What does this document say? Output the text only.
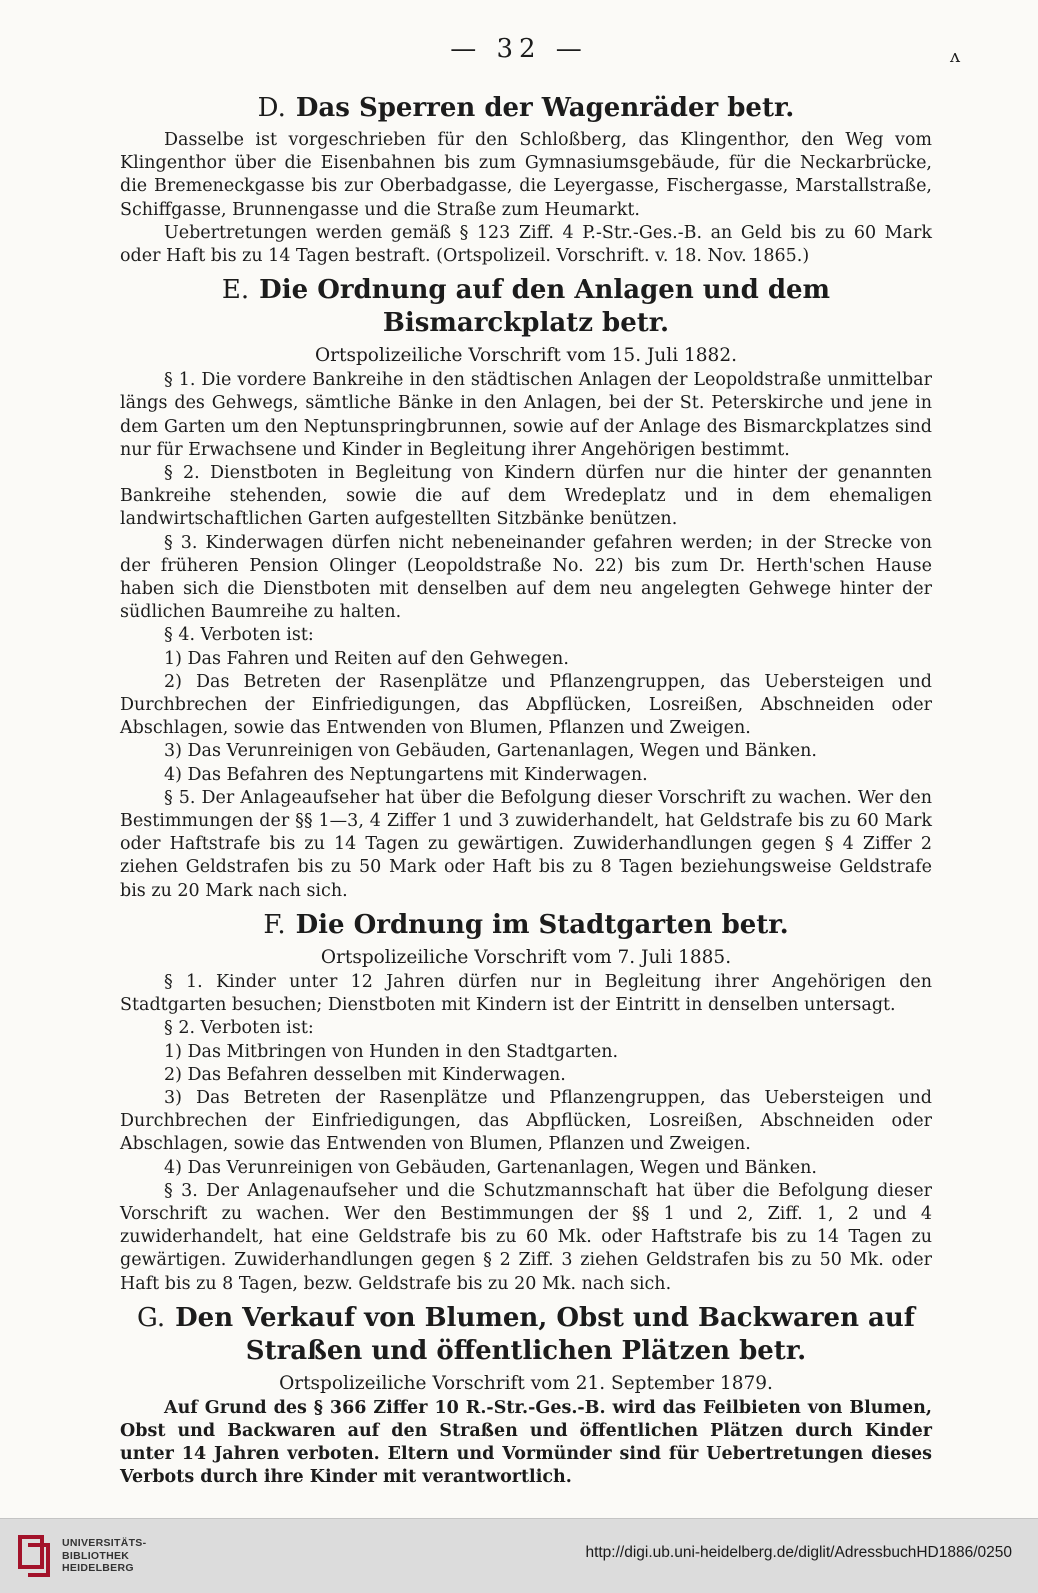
— 32 —	ʌ
D. Das Sperren der Wagenräder betr.

Dasselbe ist vorgeschrieben für den Schloßberg, das Klingenthor, den Weg vom Klingenthor über die Eisenbahnen bis zum Gymnasiumsgebäude, für die Neckarbrücke, die Bremeneckgasse bis zur Oberbadgasse, die Leyergasse, Fischergasse, Marstallstraße, Schiffgasse, Brunnengasse und die Straße zum Heumarkt.

Uebertretungen werden gemäß § 123 Ziff. 4 P.-Str.-Ges.-B. an Geld bis zu 60 Mark oder Haft bis zu 14 Tagen bestraft. (Ortspolizeil. Vorschrift. v. 18. Nov. 1865.)

E. Die Ordnung auf den Anlagen und dem Bismarckplatz betr.
Ortspolizeiliche Vorschrift vom 15. Juli 1882.

§ 1. Die vordere Bankreihe in den städtischen Anlagen der Leopoldstraße unmittelbar längs des Gehwegs, sämtliche Bänke in den Anlagen, bei der St. Peterskirche und jene in dem Garten um den Neptunspringbrunnen, sowie auf der Anlage des Bismarckplatzes sind nur für Erwachsene und Kinder in Begleitung ihrer Angehörigen bestimmt.

§ 2. Dienstboten in Begleitung von Kindern dürfen nur die hinter der genannten Bankreihe stehenden, sowie die auf dem Wredeplatz und in dem ehemaligen landwirtschaftlichen Garten aufgestellten Sitzbänke benützen.

§ 3. Kinderwagen dürfen nicht nebeneinander gefahren werden; in der Strecke von der früheren Pension Olinger (Leopoldstraße No. 22) bis zum Dr. Herth'schen Hause haben sich die Dienstboten mit denselben auf dem neu angelegten Gehwege hinter der südlichen Baumreihe zu halten.

§ 4. Verboten ist:

1) Das Fahren und Reiten auf den Gehwegen.

2) Das Betreten der Rasenplätze und Pflanzengruppen, das Uebersteigen und Durchbrechen der Einfriedigungen, das Abpflücken, Losreißen, Abschneiden oder Abschlagen, sowie das Entwenden von Blumen, Pflanzen und Zweigen.

3) Das Verunreinigen von Gebäuden, Gartenanlagen, Wegen und Bänken.

4) Das Befahren des Neptungartens mit Kinderwagen.

§ 5. Der Anlageaufseher hat über die Befolgung dieser Vorschrift zu wachen. Wer den Bestimmungen der §§ 1—3, 4 Ziffer 1 und 3 zuwiderhandelt, hat Geldstrafe bis zu 60 Mark oder Haftstrafe bis zu 14 Tagen zu gewärtigen. Zuwiderhandlungen gegen § 4 Ziffer 2 ziehen Geldstrafen bis zu 50 Mark oder Haft bis zu 8 Tagen beziehungsweise Geldstrafe bis zu 20 Mark nach sich.

F. Die Ordnung im Stadtgarten betr.
Ortspolizeiliche Vorschrift vom 7. Juli 1885.

§ 1. Kinder unter 12 Jahren dürfen nur in Begleitung ihrer Angehörigen den Stadtgarten besuchen; Dienstboten mit Kindern ist der Eintritt in denselben untersagt.

§ 2. Verboten ist:

1) Das Mitbringen von Hunden in den Stadtgarten.

2) Das Befahren desselben mit Kinderwagen.

3) Das Betreten der Rasenplätze und Pflanzengruppen, das Uebersteigen und Durchbrechen der Einfriedigungen, das Abpflücken, Losreißen, Abschneiden oder Abschlagen, sowie das Entwenden von Blumen, Pflanzen und Zweigen.

4) Das Verunreinigen von Gebäuden, Gartenanlagen, Wegen und Bänken.

§ 3. Der Anlagenaufseher und die Schutzmannschaft hat über die Befolgung dieser Vorschrift zu wachen. Wer den Bestimmungen der §§ 1 und 2, Ziff. 1, 2 und 4 zuwiderhandelt, hat eine Geldstrafe bis zu 60 Mk. oder Haftstrafe bis zu 14 Tagen zu gewärtigen. Zuwiderhandlungen gegen § 2 Ziff. 3 ziehen Geldstrafen bis zu 50 Mk. oder Haft bis zu 8 Tagen, bezw. Geldstrafe bis zu 20 Mk. nach sich.

G. Den Verkauf von Blumen, Obst und Backwaren auf Straßen und öffentlichen Plätzen betr.
Ortspolizeiliche Vorschrift vom 21. September 1879.

Auf Grund des § 366 Ziffer 10 R.-Str.-Ges.-B. wird das Feilbieten von Blumen, Obst und Backwaren auf den Straßen und öffentlichen Plätzen durch Kinder unter 14 Jahren verboten. Eltern und Vormünder sind für Uebertretungen dieses Verbots durch ihre Kinder mit verantwortlich.

UNIVERSITÄTS-
BIBLIOTHEK
HEIDELBERG
http://digi.ub.uni-heidelberg.de/diglit/AdressbuchHD1886/0250
